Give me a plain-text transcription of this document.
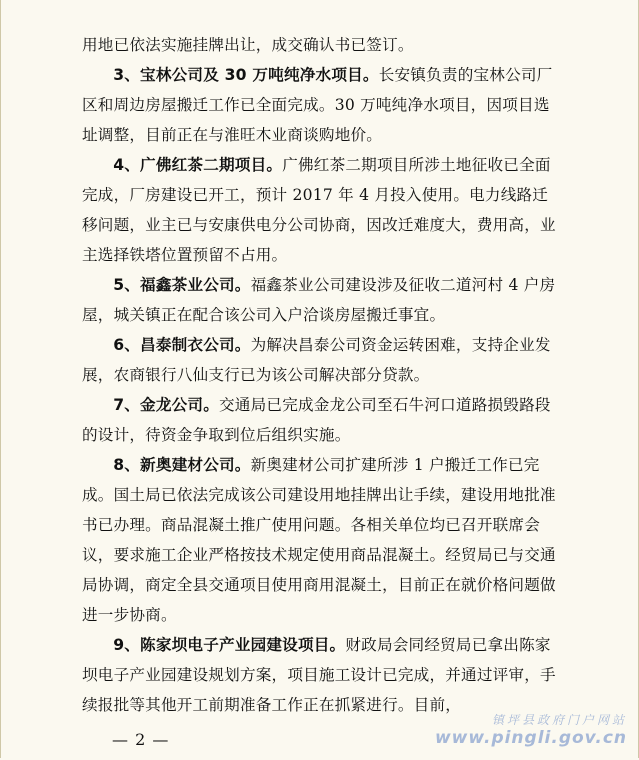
用地已依法实施挂牌出让，成交确认书已签订。

3、宝林公司及 30 万吨纯净水项目。长安镇负责的宝林公司厂区和周边房屋搬迁工作已全面完成。30 万吨纯净水项目，因项目选址调整，目前正在与淮旺木业商谈购地价。

4、广佛红茶二期项目。广佛红茶二期项目所涉土地征收已全面完成，厂房建设已开工，预计 2017 年 4 月投入使用。电力线路迁移问题，业主已与安康供电分公司协商，因改迁难度大，费用高，业主选择铁塔位置预留不占用。

5、福鑫茶业公司。福鑫茶业公司建设涉及征收二道河村 4 户房屋，城关镇正在配合该公司入户洽谈房屋搬迁事宜。

6、昌泰制衣公司。为解决昌泰公司资金运转困难，支持企业发展，农商银行八仙支行已为该公司解决部分贷款。

7、金龙公司。交通局已完成金龙公司至石牛河口道路损毁路段的设计，待资金争取到位后组织实施。

8、新奥建材公司。新奥建材公司扩建所涉 1 户搬迁工作已完成。国土局已依法完成该公司建设用地挂牌出让手续，建设用地批准书已办理。商品混凝土推广使用问题。各相关单位均已召开联席会议，要求施工企业严格按技术规定使用商品混凝土。经贸局已与交通局协调，商定全县交通项目使用商用混凝土，目前正在就价格问题做进一步协商。

9、陈家坝电子产业园建设项目。财政局会同经贸局已拿出陈家坝电子产业园建设规划方案，项目施工设计已完成，并通过评审，手续报批等其他开工前期准备工作正在抓紧进行。目前，

— 2 —
镇坪县政府门户网站
www.pingli.gov.cn
